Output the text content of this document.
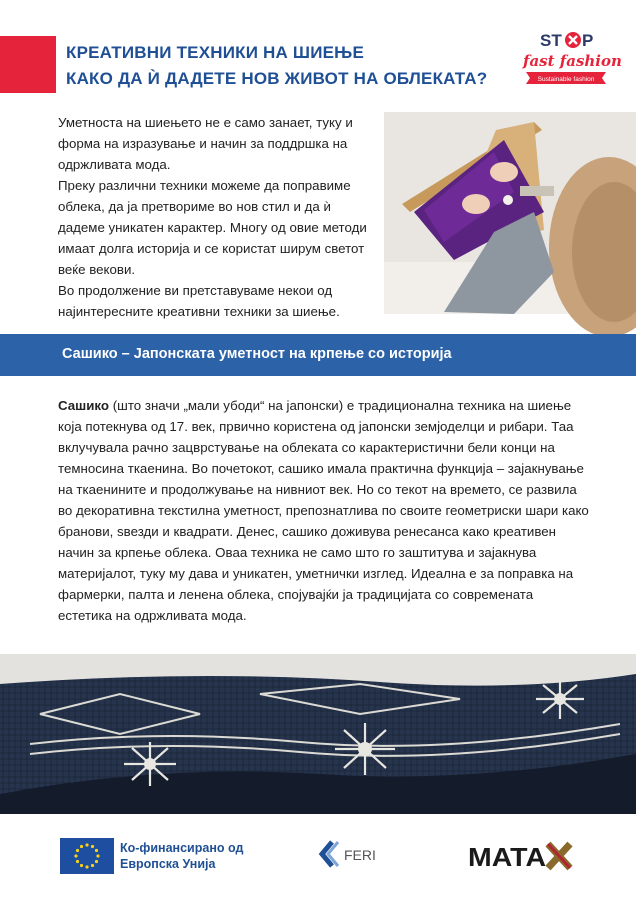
КРЕАТИВНИ ТЕХНИКИ НА ШИЕЊЕ
КАКО ДА Ѝ ДАДЕТЕ НОВ ЖИВОТ НА ОБЛЕКАТА?
ST P
fast fashion
Sustainable fashion

Уметноста на шиењето не е само занает, туку и форма на изразување и начин за поддршка на одржливата мода.

Преку различни техники можеме да поправиме облека, да ја претвориме во нов стил и да ѝ дадеме уникатен карактер. Многу од овие методи имаат долга историја и се користат ширум светот веќе векови.

Во продолжение ви претставуваме некои од најинтересните креативни техники за шиење.

Сашико – Јапонската уметност на крпење со историја
Сашико (што значи „мали убоди“ на јапонски) е традиционална техника на шиење која потекнува од 17. век, првично користена од јапонски земјоделци и рибари. Таа вклучувала рачно зацврстување на облеката со карактеристични бели конци на темносина ткаенина. Во почетокот, сашико имала практична функција – зајакнување на ткаенините и продолжување на нивниот век. Но со текот на времето, се развила во декоративна текстилна уметност, препознатлива по своите геометриски шари како бранови, ѕвезди и квадрати. Денес, сашико доживува ренесанса како креативен начин за крпење облека. Оваа техника не само што го заштитува и зајакнува материјалот, туку му дава и уникатен, уметнички изглед. Идеална е за поправка на фармерки, палта и ленена облека, спојувајќи ја традицијата со современата естетика на одржливата мода.
Ко-финансирано од
Европска Унија
FERI	MATA
